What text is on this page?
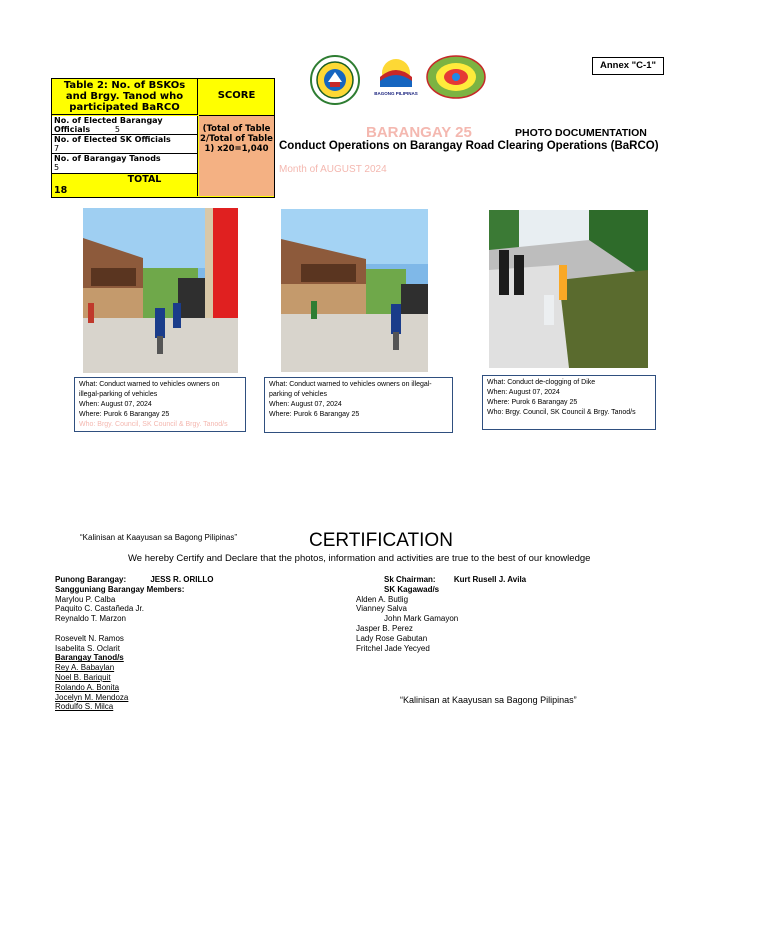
Annex "C-1"
Table 2: No. of BSKOs and Brgy. Tanod who participated BaRCO
SCORE
No. of Elected Barangay Officials	5
No. of Elected SK Officials
7
No. of Barangay Tanods
5
TOTAL
18
(Total of Table 2/Total of Table 1) x20=1,040
BAGONG PILIPINAS
BARANGAY 25	PHOTO DOCUMENTATION
Conduct Operations on Barangay Road Clearing Operations (BaRCO)
Month of AUGUST 2024
What: Conduct warned to vehicles owners on illegal-parking of vehicles
When: August 07, 2024
Where: Purok 6 Barangay 25
Who: Brgy. Council, SK Council & Brgy. Tanod/s
What: Conduct warned to vehicles owners on illegal-parking of vehicles
When: August 07, 2024
Where: Purok 6 Barangay 25
What: Conduct de-clogging of Dike
When: August 07, 2024
Where: Purok 6 Barangay 25
Who: Brgy. Council, SK Council & Brgy. Tanod/s
“Kalinisan at Kaayusan sa Bagong Pilipinas”	CERTIFICATION
We hereby Certify and Declare that the photos, information and activities are true to the best of our knowledge
Punong Barangay:	JESS R. ORILLO
Sangguniang Barangay Members:
Marylou P. Calba
Paquito C. Castañeda Jr.
Reynaldo T. Marzon
Rosevelt N. Ramos
Isabelita S. Oclarit
Barangay Tanod/s
Rey A. Babaylan
Noel B. Bariquit
Rolando A. Bonita
Jocelyn M. Mendoza
Rodulfo S. Milca
Sk Chairman: Kurt Rusell J. Avila
SK Kagawad/s
Alden A. Butlig
Vianney Salva
John Mark Gamayon
Jasper B. Perez
Lady Rose Gabutan
Fritchel Jade Yecyed
“Kalinisan at Kaayusan sa Bagong Pilipinas”
